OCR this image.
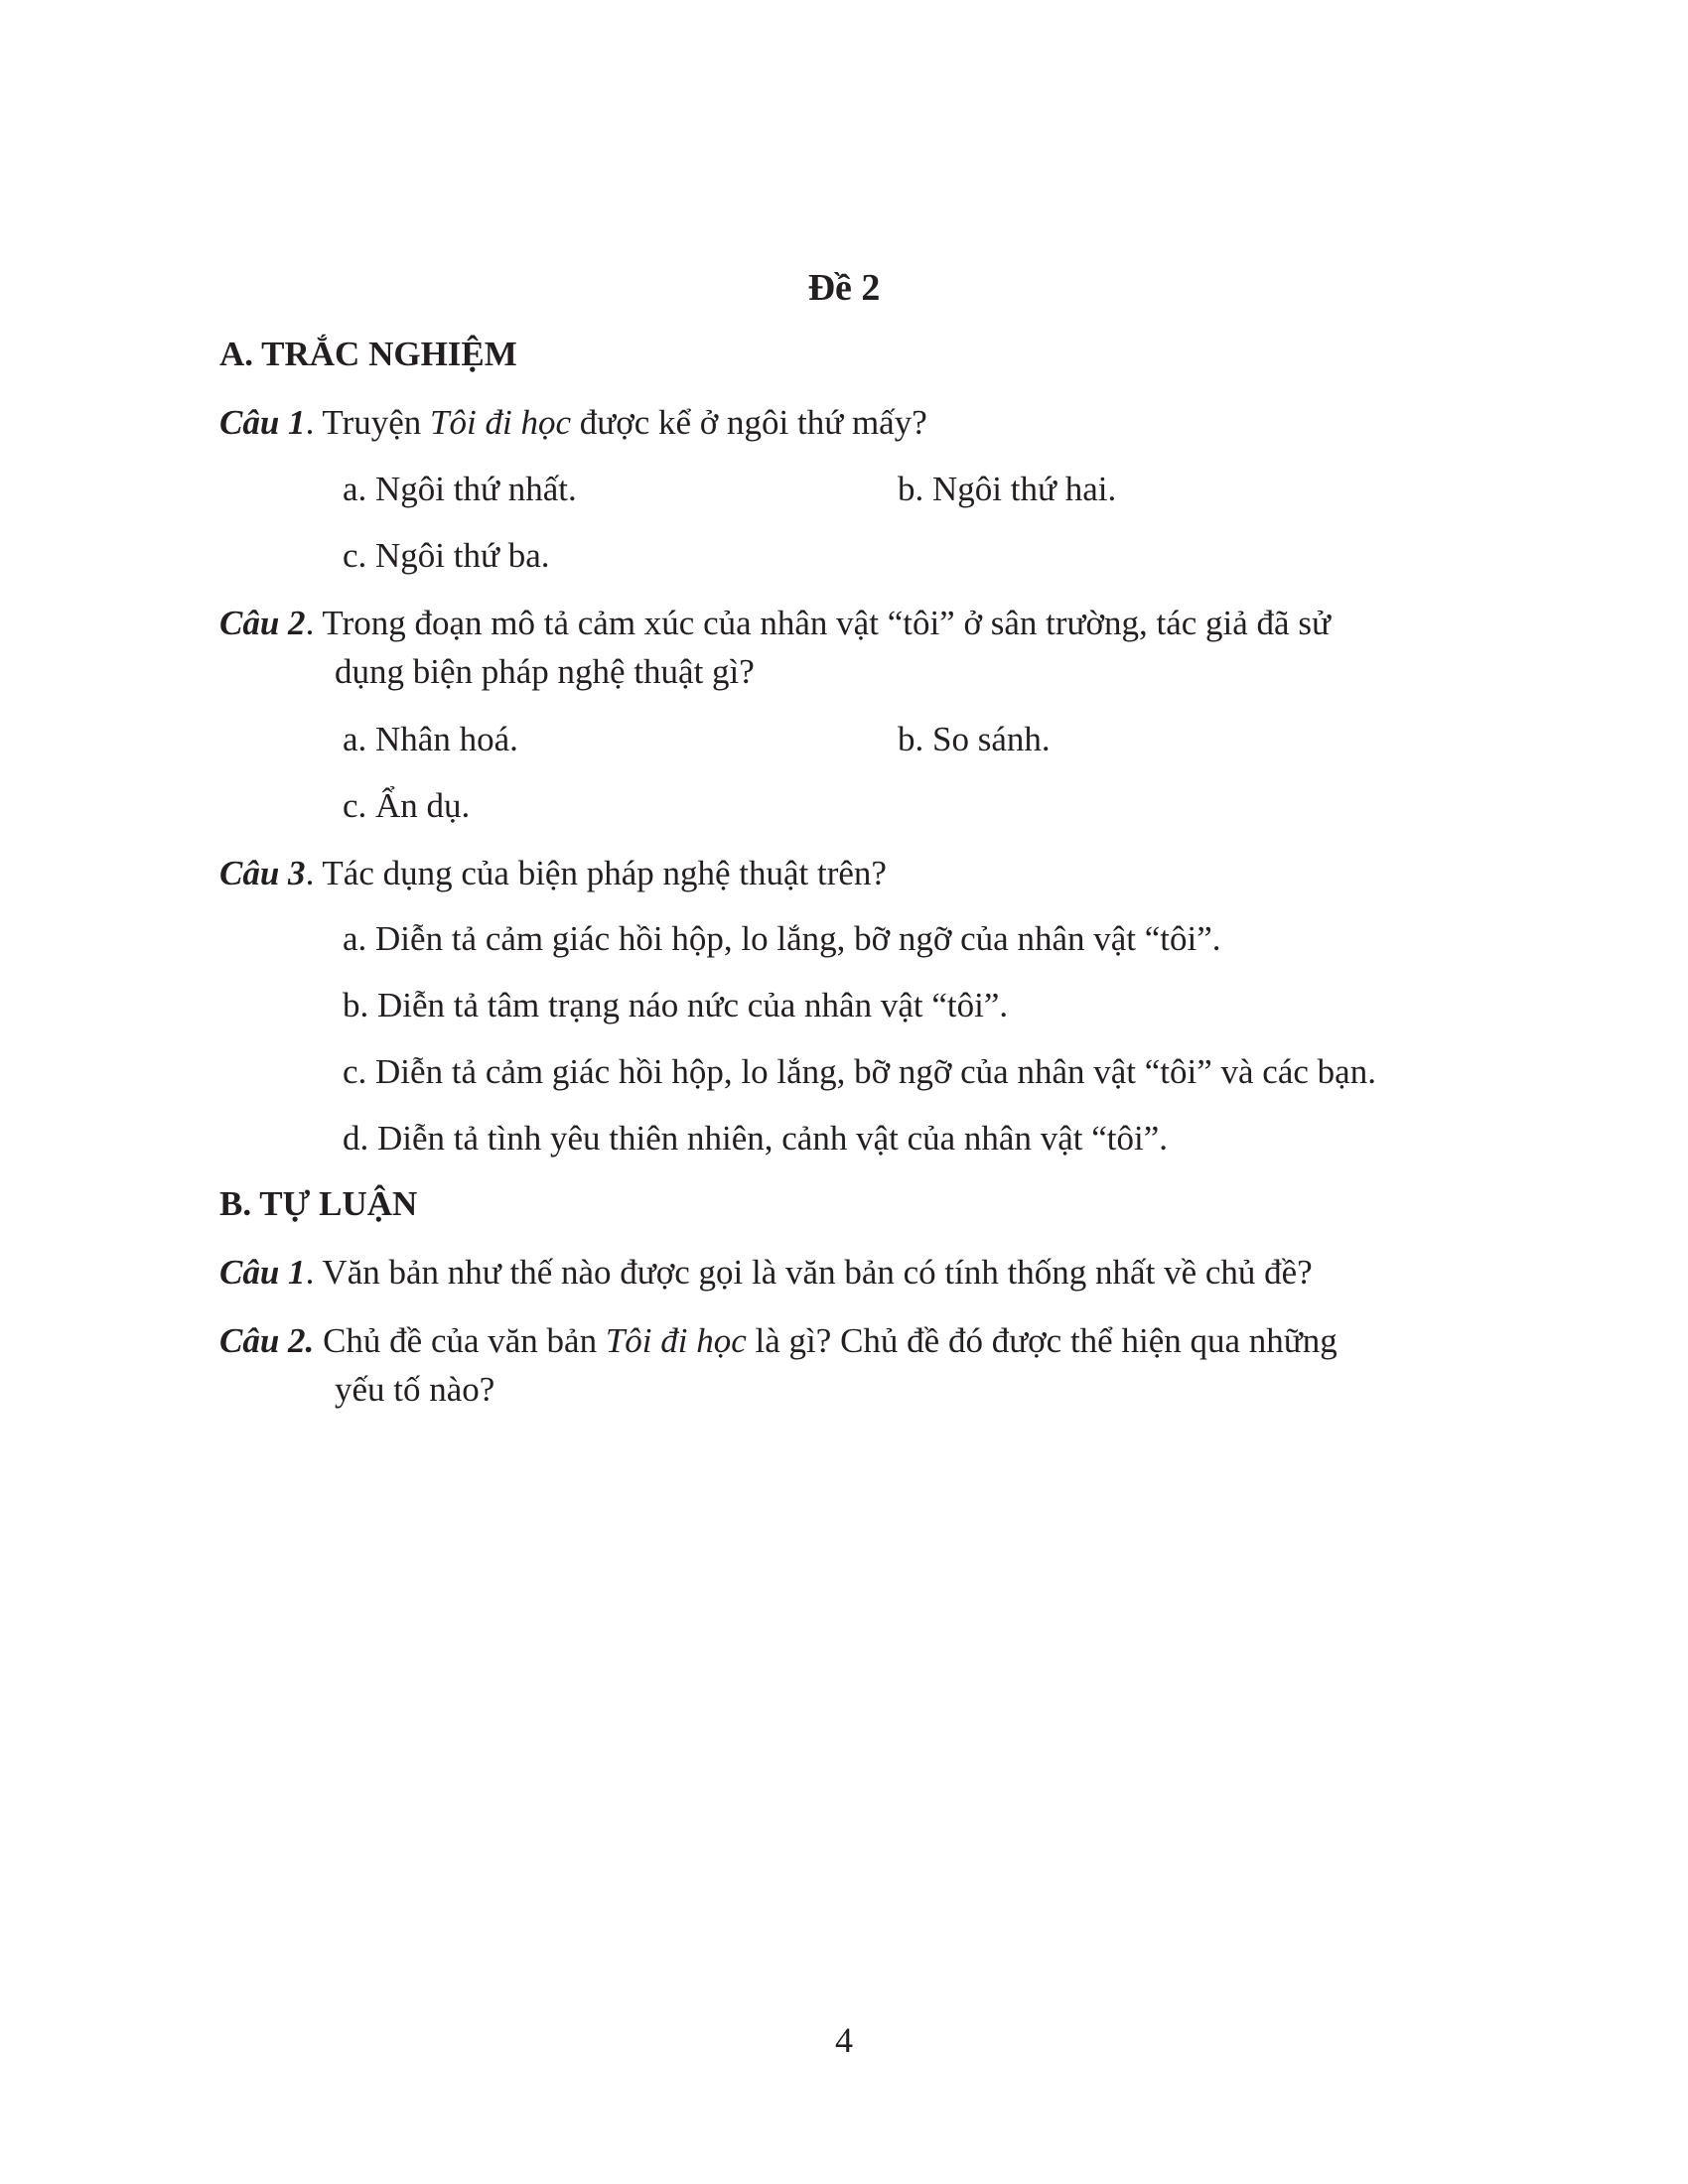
Đề 2
A. TRẮC NGHIỆM
Câu 1. Truyện Tôi đi học được kể ở ngôi thứ mấy?
a. Ngôi thứ nhất.	b. Ngôi thứ hai.
c. Ngôi thứ ba.
Câu 2. Trong đoạn mô tả cảm xúc của nhân vật “tôi” ở sân trường, tác giả đã sử
dụng biện pháp nghệ thuật gì?
a. Nhân hoá.	b. So sánh.
c. Ẩn dụ.
Câu 3. Tác dụng của biện pháp nghệ thuật trên?
a. Diễn tả cảm giác hồi hộp, lo lắng, bỡ ngỡ của nhân vật “tôi”.
b. Diễn tả tâm trạng náo nức của nhân vật “tôi”.
c. Diễn tả cảm giác hồi hộp, lo lắng, bỡ ngỡ của nhân vật “tôi” và các bạn.
d. Diễn tả tình yêu thiên nhiên, cảnh vật của nhân vật “tôi”.
B. TỰ LUẬN
Câu 1. Văn bản như thế nào được gọi là văn bản có tính thống nhất về chủ đề?
Câu 2. Chủ đề của văn bản Tôi đi học là gì? Chủ đề đó được thể hiện qua những
yếu tố nào?
4
